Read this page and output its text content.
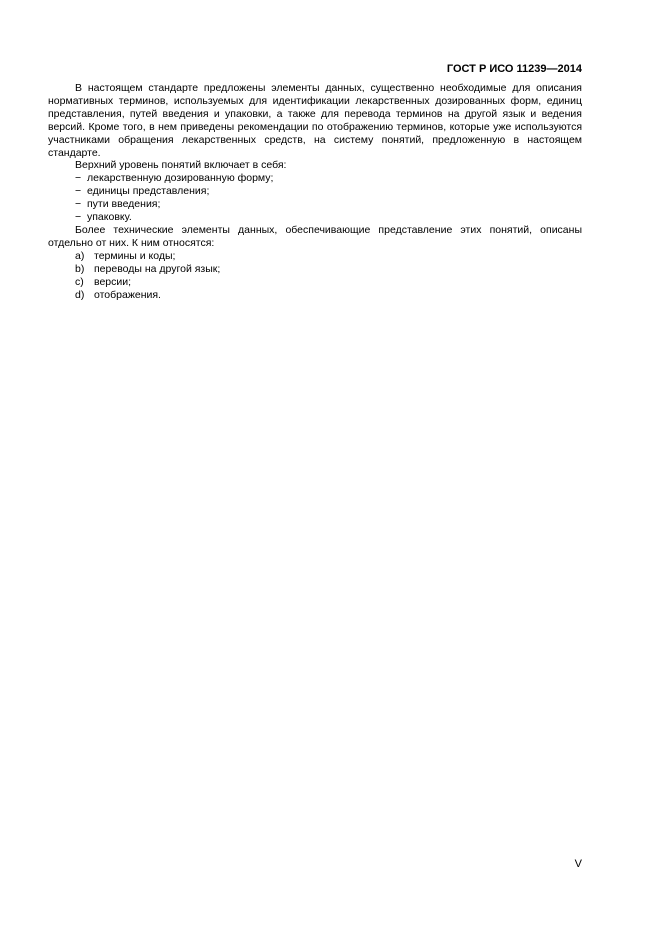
ГОСТ Р ИСО 11239—2014

В настоящем стандарте предложены элементы данных, существенно необходимые для описания нормативных терминов, используемых для идентификации лекарственных дозированных форм, единиц представления, путей введения и упаковки, а также для перевода терминов на другой язык и ведения версий. Кроме того, в нем приведены рекомендации по отображению терминов, которые уже используются участниками обращения лекарственных средств, на систему понятий, предложенную в настоящем стандарте.

Верхний уровень понятий включает в себя:

− лекарственную дозированную форму;
− единицы представления;
− пути введения;
− упаковку.

Более технические элементы данных, обеспечивающие представление этих понятий, описаны отдельно от них. К ним относятся:

a) термины и коды;
b) переводы на другой язык;
c) версии;
d) отображения.
V
